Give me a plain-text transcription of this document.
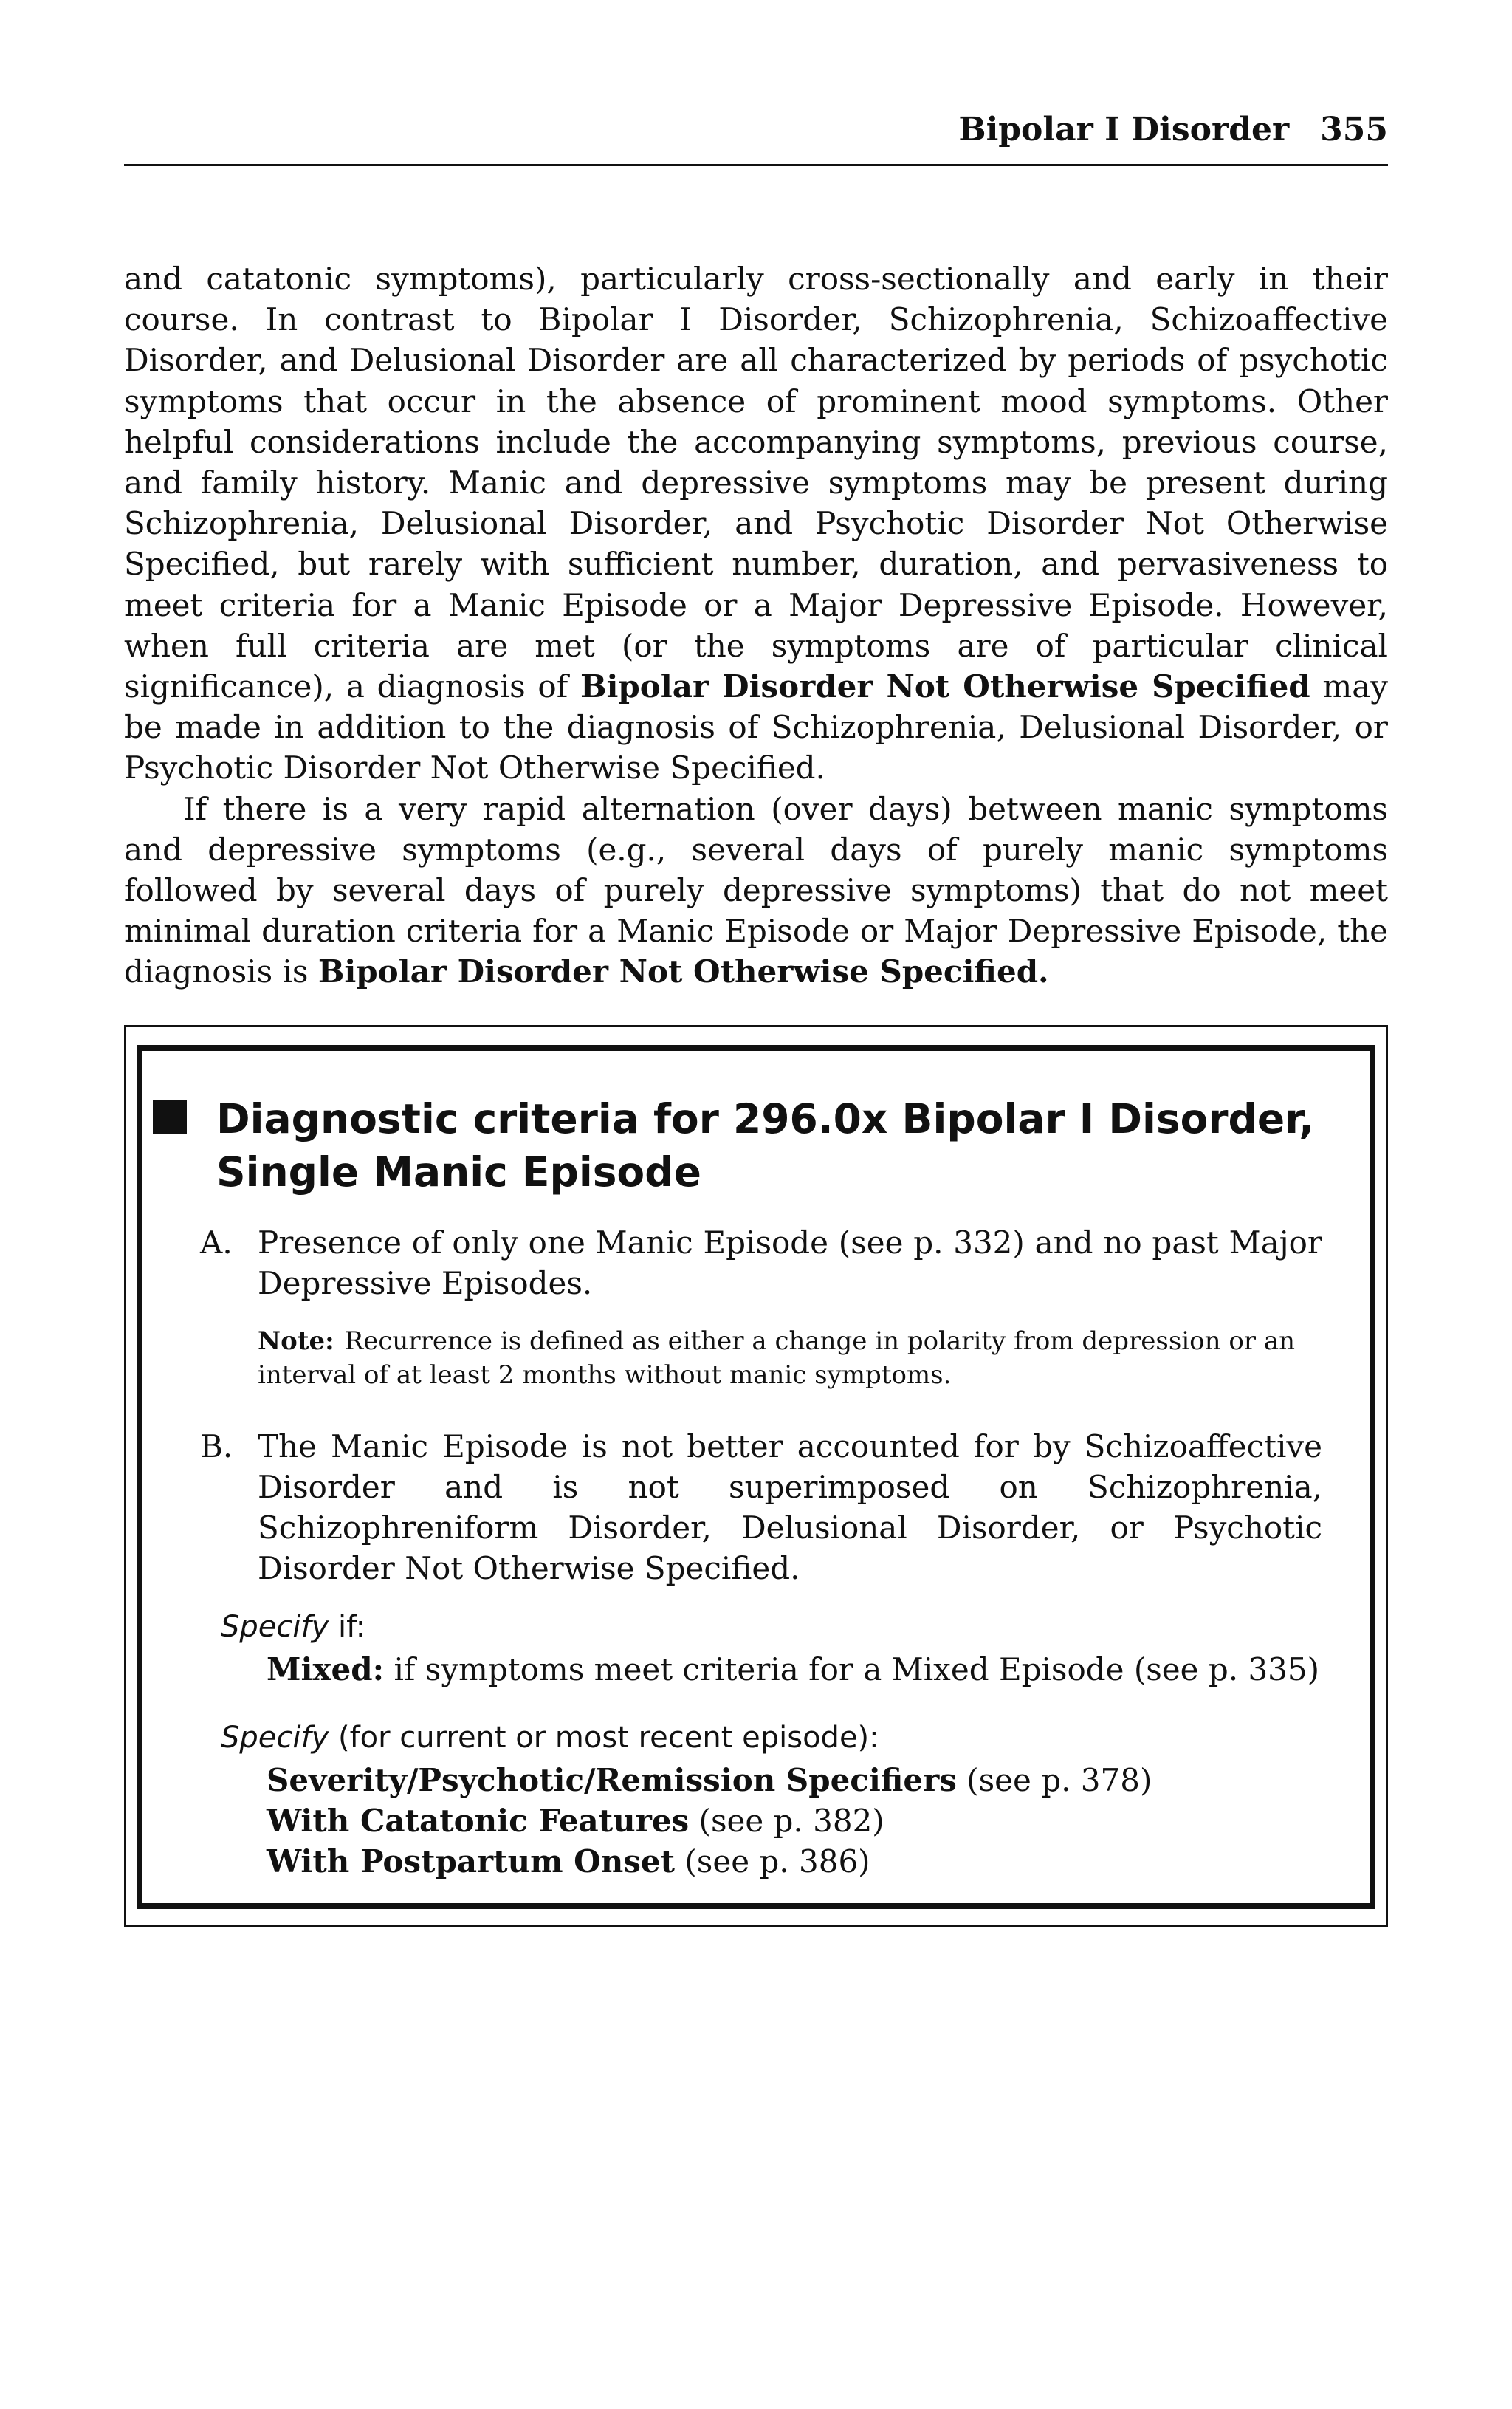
Bipolar I Disorder 355

and catatonic symptoms), particularly cross-sectionally and early in their course. In contrast to Bipolar I Disorder, Schizophrenia, Schizoaffective Disorder, and Delusional Disorder are all characterized by periods of psychotic symptoms that occur in the absence of prominent mood symptoms. Other helpful considerations include the accompanying symptoms, previous course, and family history. Manic and depressive symptoms may be present during Schizophrenia, Delusional Disorder, and Psychotic Disorder Not Otherwise Specified, but rarely with sufficient number, duration, and pervasiveness to meet criteria for a Manic Episode or a Major Depressive Episode. However, when full criteria are met (or the symptoms are of particular clinical significance), a diagnosis of Bipolar Disorder Not Otherwise Specified may be made in addition to the diagnosis of Schizophrenia, Delusional Disorder, or Psychotic Disorder Not Otherwise Specified.

If there is a very rapid alternation (over days) between manic symptoms and depressive symptoms (e.g., several days of purely manic symptoms followed by several days of purely depressive symptoms) that do not meet minimal duration criteria for a Manic Episode or Major Depressive Episode, the diagnosis is Bipolar Disorder Not Otherwise Specified.

Diagnostic criteria for 296.0x Bipolar I Disorder,
Single Manic Episode
A. Presence of only one Manic Episode (see p. 332) and no past Major Depressive Episodes.
Note: Recurrence is defined as either a change in polarity from depression or an interval of at least 2 months without manic symptoms.
B. The Manic Episode is not better accounted for by Schizoaffective Disorder and is not superimposed on Schizophrenia, Schizophreniform Disorder, Delusional Disorder, or Psychotic Disorder Not Otherwise Specified.
Specify if:
Mixed: if symptoms meet criteria for a Mixed Episode (see p. 335)
Specify (for current or most recent episode):
Severity/Psychotic/Remission Specifiers (see p. 378)
With Catatonic Features (see p. 382)
With Postpartum Onset (see p. 386)
